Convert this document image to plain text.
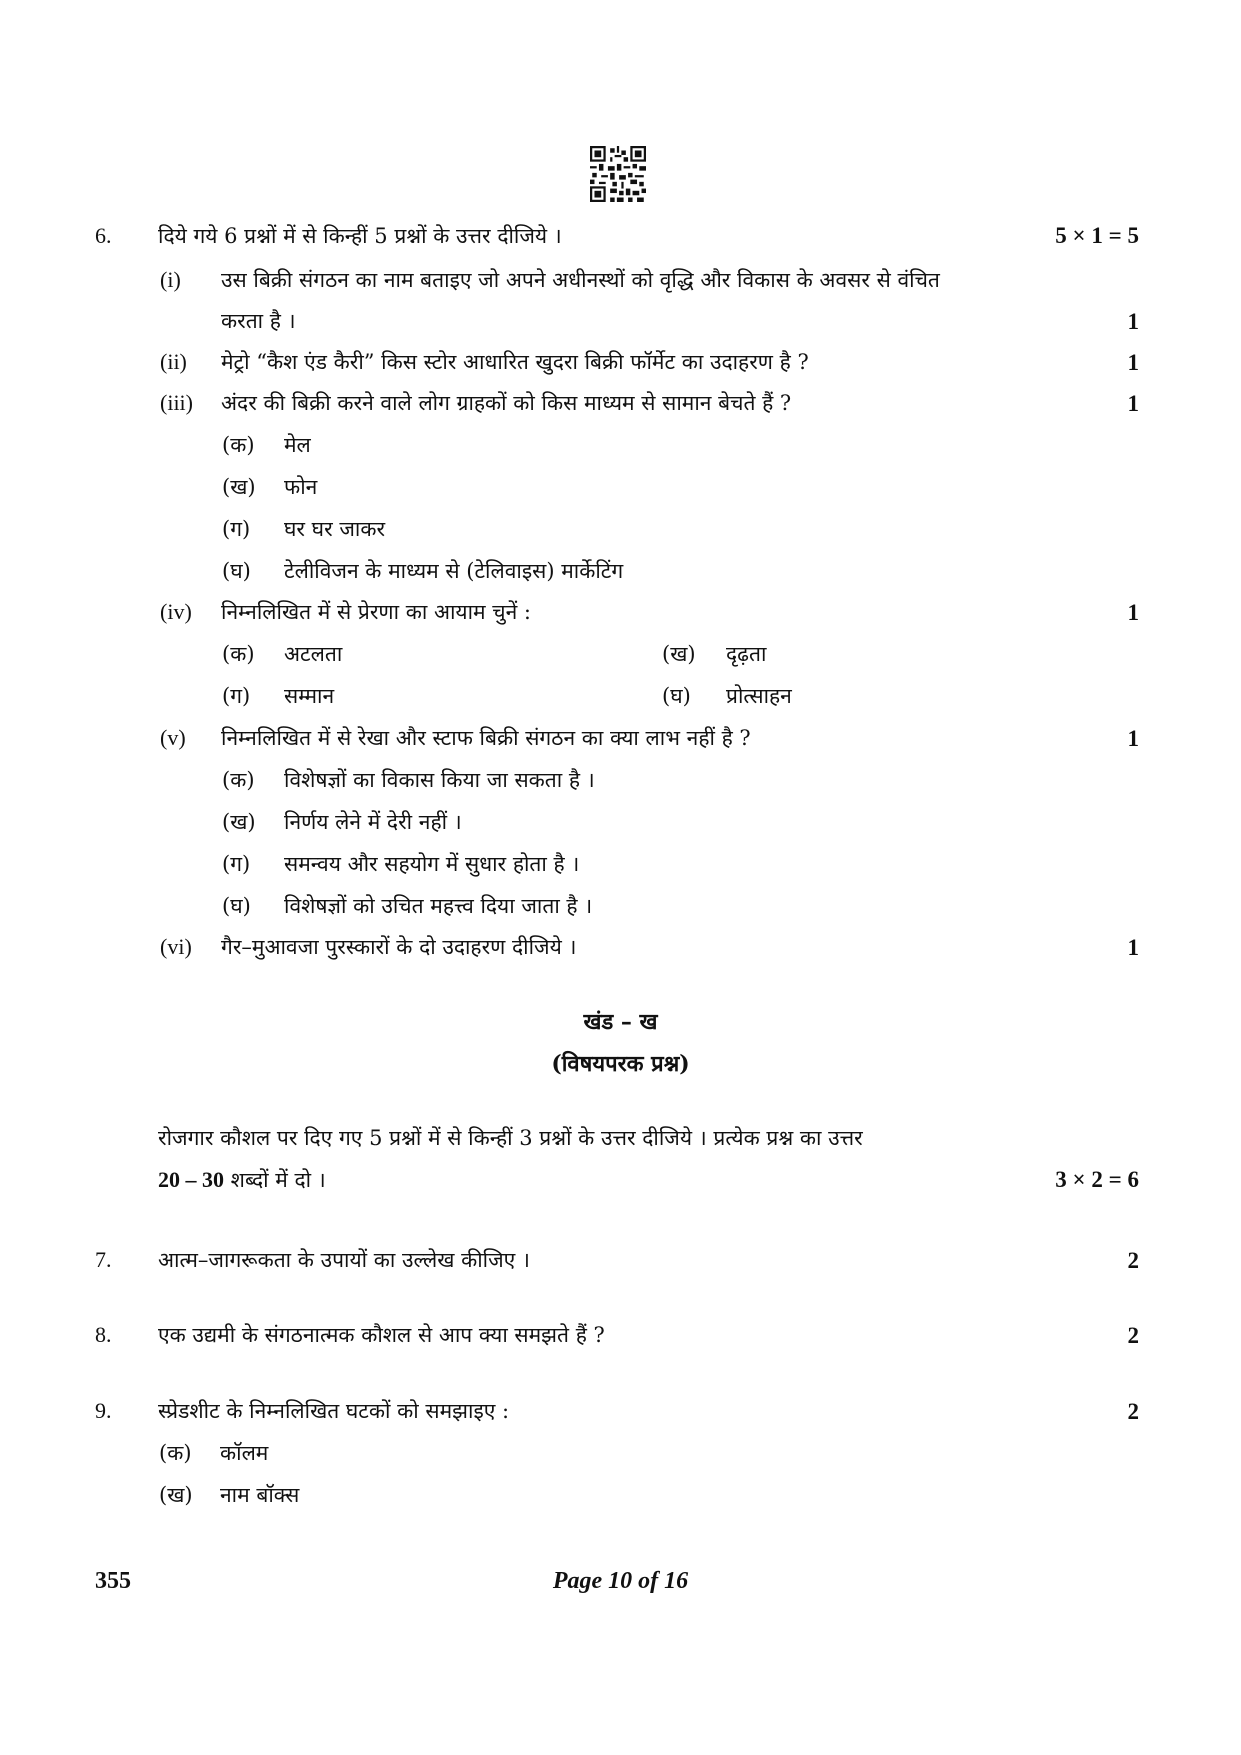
6. दिये गये 6 प्रश्नों में से किन्हीं 5 प्रश्नों के उत्तर दीजिये ।	5 × 1 = 5
(i) उस बिक्री संगठन का नाम बताइए जो अपने अधीनस्थों को वृद्धि और विकास के अवसर से वंचित
करता है ।	1
(ii) मेट्रो “कैश एंड कैरी” किस स्टोर आधारित खुदरा बिक्री फॉर्मेट का उदाहरण है ?	1
(iii) अंदर की बिक्री करने वाले लोग ग्राहकों को किस माध्यम से सामान बेचते हैं ?	1
(क) मेल
(ख) फोन
(ग) घर घर जाकर
(घ) टेलीविजन के माध्यम से (टेलिवाइस) मार्केटिंग
(iv) निम्नलिखित में से प्रेरणा का आयाम चुनें :	1
(क) अटलता	(ख) दृढ़ता
(ग) सम्मान	(घ) प्रोत्साहन
(v) निम्नलिखित में से रेखा और स्टाफ बिक्री संगठन का क्या लाभ नहीं है ?	1
(क) विशेषज्ञों का विकास किया जा सकता है ।
(ख) निर्णय लेने में देरी नहीं ।
(ग) समन्वय और सहयोग में सुधार होता है ।
(घ) विशेषज्ञों को उचित महत्त्व दिया जाता है ।
(vi) गैर–मुआवजा पुरस्कारों के दो उदाहरण दीजिये ।	1
खंड – ख
(विषयपरक प्रश्न)
रोजगार कौशल पर दिए गए 5 प्रश्नों में से किन्हीं 3 प्रश्नों के उत्तर दीजिये । प्रत्येक प्रश्न का उत्तर
20 – 30 शब्दों में दो ।	3 × 2 = 6
7. आत्म–जागरूकता के उपायों का उल्लेख कीजिए ।	2
8. एक उद्यमी के संगठनात्मक कौशल से आप क्या समझते हैं ?	2
9. स्प्रेडशीट के निम्नलिखित घटकों को समझाइए :	2
(क) कॉलम
(ख) नाम बॉक्स
355	Page 10 of 16
